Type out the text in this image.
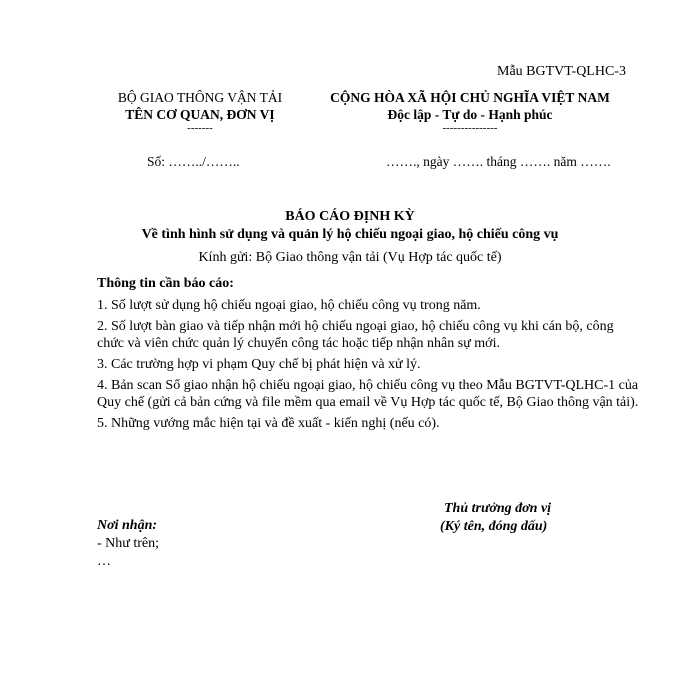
Mẫu BGTVT-QLHC-3
BỘ GIAO THÔNG VẬN TẢI
TÊN CƠ QUAN, ĐƠN VỊ
-------
CỘNG HÒA XÃ HỘI CHỦ NGHĨA VIỆT NAM
Độc lập - Tự do - Hạnh phúc
---------------
Số: ……../……..	……., ngày ……. tháng ……. năm …….
BÁO CÁO ĐỊNH KỲ
Về tình hình sử dụng và quản lý hộ chiếu ngoại giao, hộ chiếu công vụ
Kính gửi: Bộ Giao thông vận tải (Vụ Hợp tác quốc tế)
Thông tin cần báo cáo:
1. Số lượt sử dụng hộ chiếu ngoại giao, hộ chiếu công vụ trong năm.
2. Số lượt bàn giao và tiếp nhận mới hộ chiếu ngoại giao, hộ chiếu công vụ khi cán bộ, công chức và viên chức quản lý chuyển công tác hoặc tiếp nhận nhân sự mới.
3. Các trường hợp vi phạm Quy chế bị phát hiện và xử lý.
4. Bản scan Sổ giao nhận hộ chiếu ngoại giao, hộ chiếu công vụ theo Mẫu BGTVT-QLHC-1 của Quy chế (gửi cả bản cứng và file mềm qua email về Vụ Hợp tác quốc tế, Bộ Giao thông vận tải).
5. Những vướng mắc hiện tại và đề xuất - kiến nghị (nếu có).
Thủ trưởng đơn vị
(Ký tên, đóng dấu)
Nơi nhận:
- Như trên;
…
